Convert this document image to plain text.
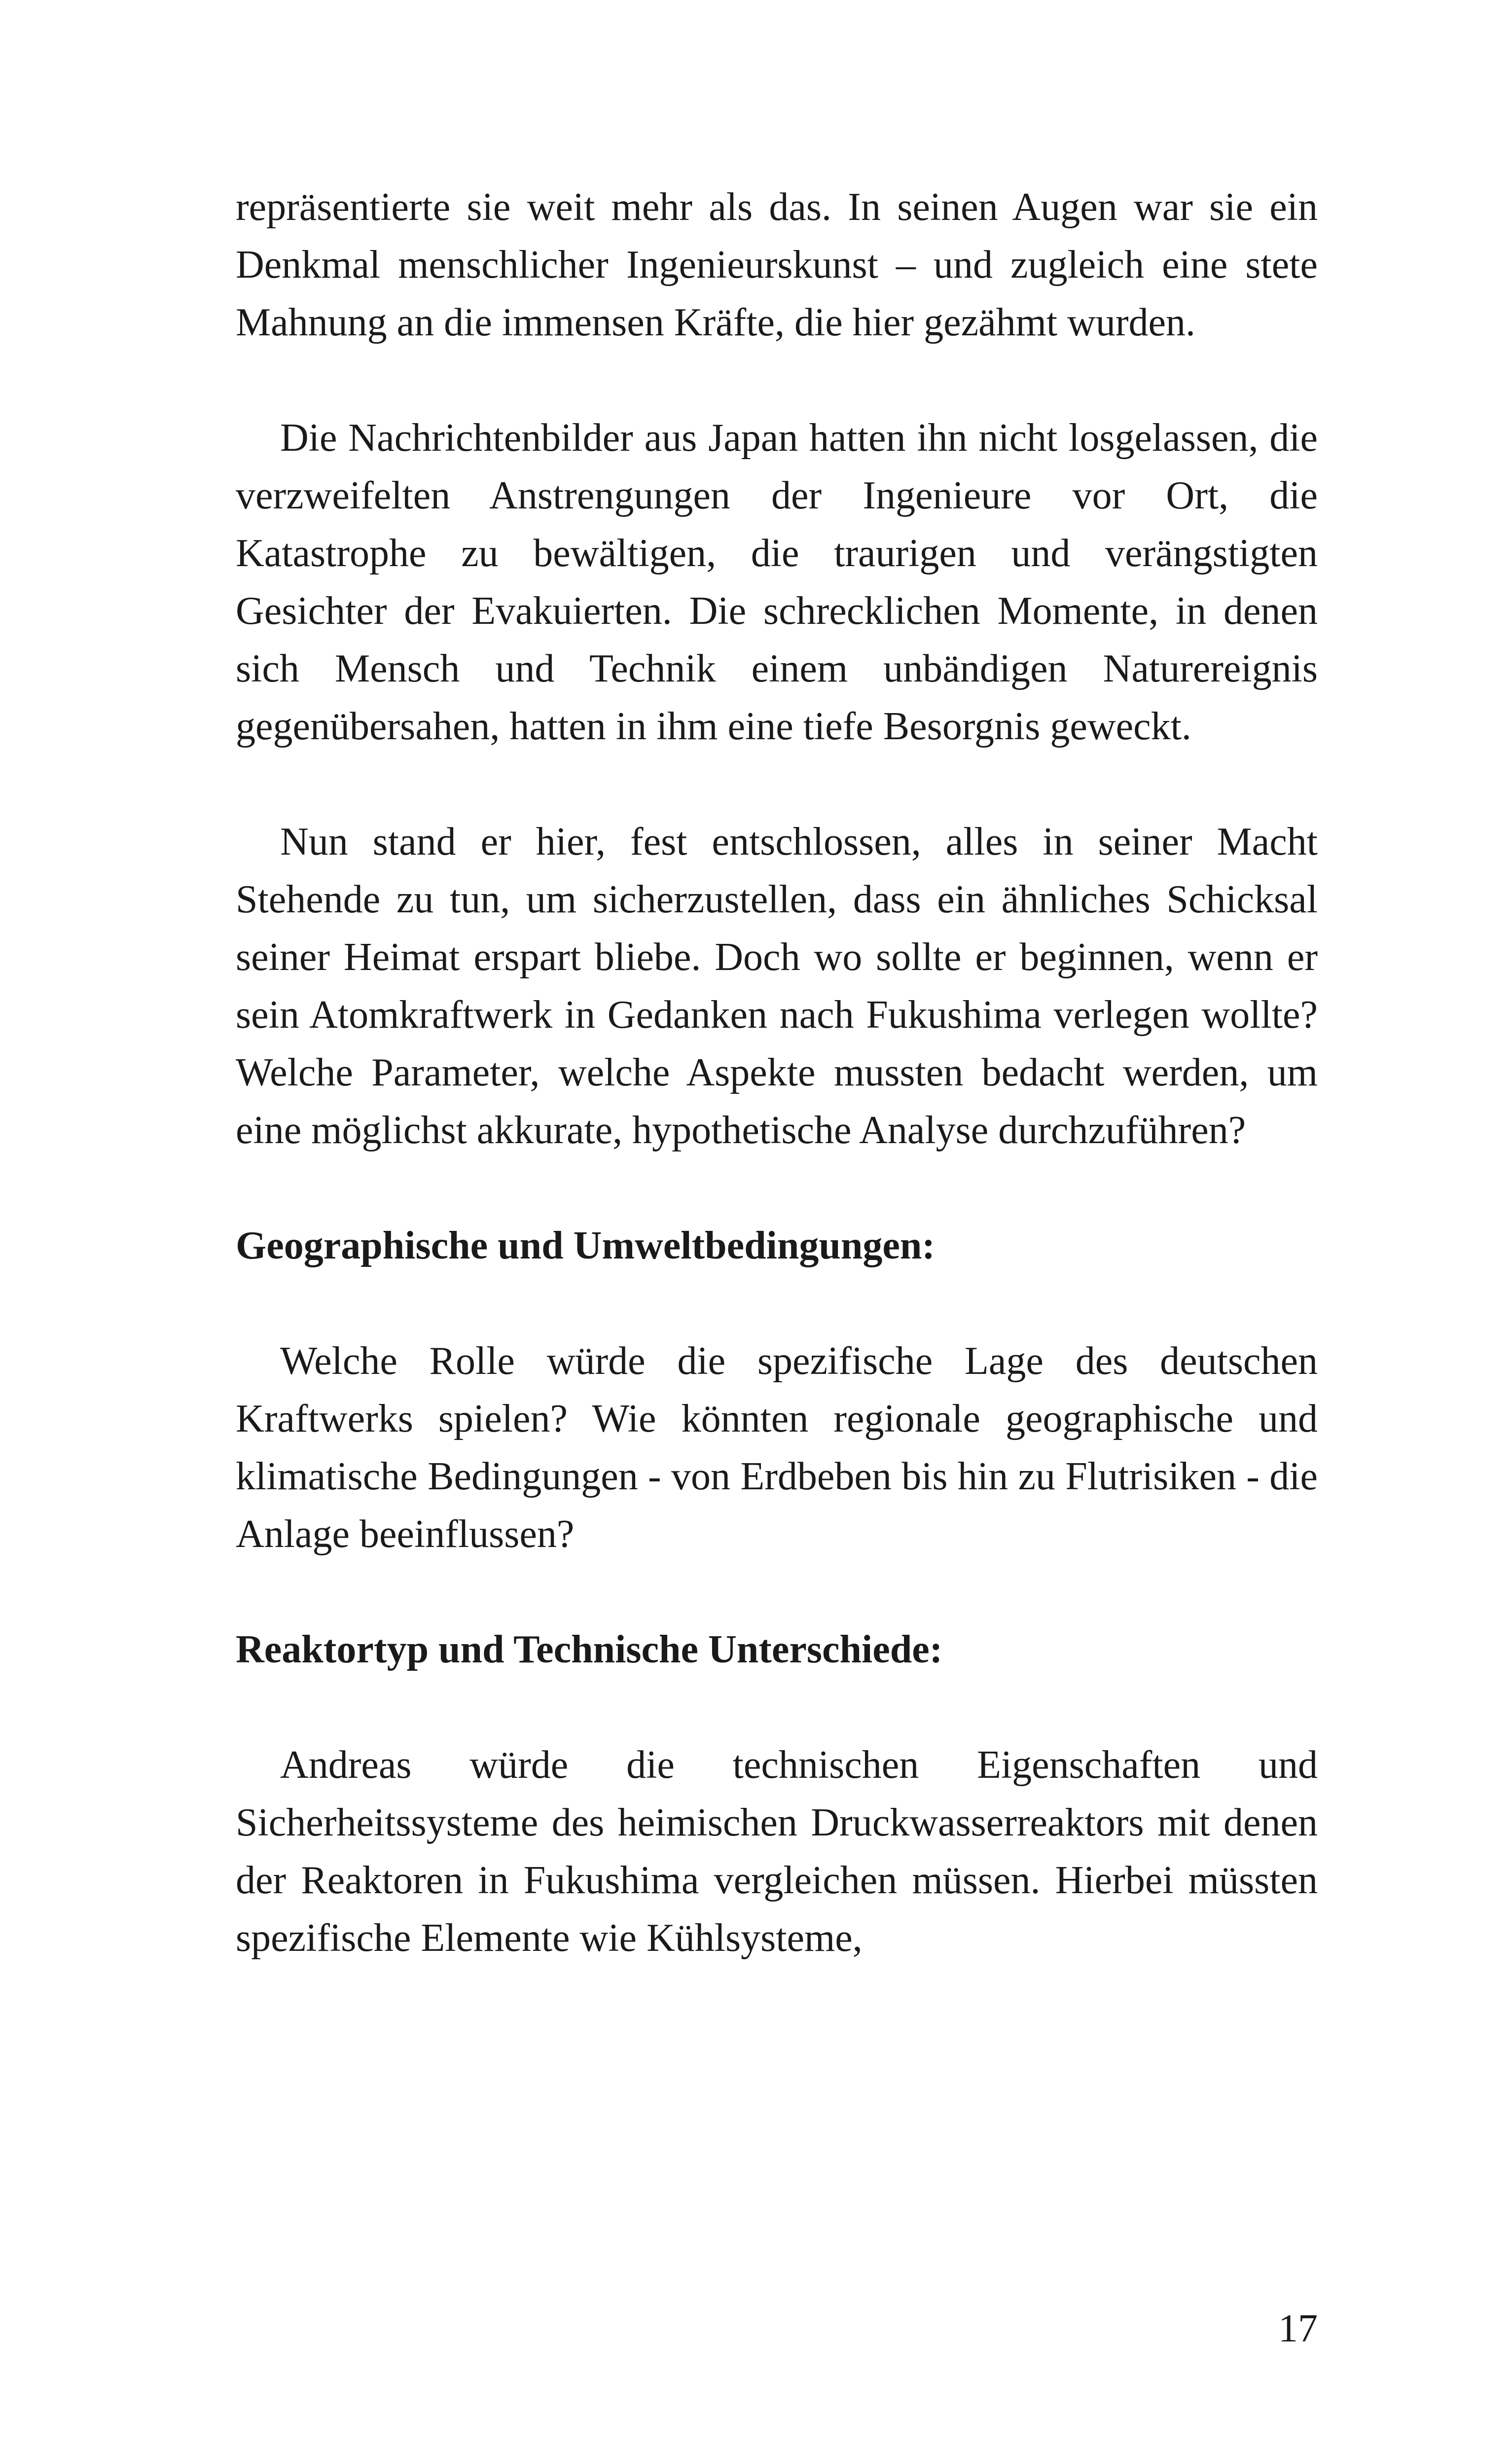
repräsentierte sie weit mehr als das. In seinen Augen war sie ein Denkmal menschlicher Ingenieurskunst – und zugleich eine stete Mahnung an die immensen Kräfte, die hier gezähmt wurden.

Die Nachrichtenbilder aus Japan hatten ihn nicht losgelassen, die verzweifelten Anstrengungen der Ingenieure vor Ort, die Katastrophe zu bewältigen, die traurigen und verängstigten Gesichter der Evakuierten. Die schrecklichen Momente, in denen sich Mensch und Technik einem unbändigen Naturereignis gegenübersahen, hatten in ihm eine tiefe Besorgnis geweckt.

Nun stand er hier, fest entschlossen, alles in seiner Macht Stehende zu tun, um sicherzustellen, dass ein ähnliches Schicksal seiner Heimat erspart bliebe. Doch wo sollte er beginnen, wenn er sein Atomkraftwerk in Gedanken nach Fukushima verlegen wollte? Welche Parameter, welche Aspekte mussten bedacht werden, um eine möglichst akkurate, hypothetische Analyse durchzuführen?

Geographische und Umweltbedingungen:

Welche Rolle würde die spezifische Lage des deutschen Kraftwerks spielen? Wie könnten regionale geographische und klimatische Bedingungen - von Erdbeben bis hin zu Flutrisiken - die Anlage beeinflussen?

Reaktortyp und Technische Unterschiede:

Andreas würde die technischen Eigenschaften und Sicherheitssysteme des heimischen Druckwasserreaktors mit denen der Reaktoren in Fukushima vergleichen müssen. Hierbei müssten spezifische Elemente wie Kühlsysteme,

17
